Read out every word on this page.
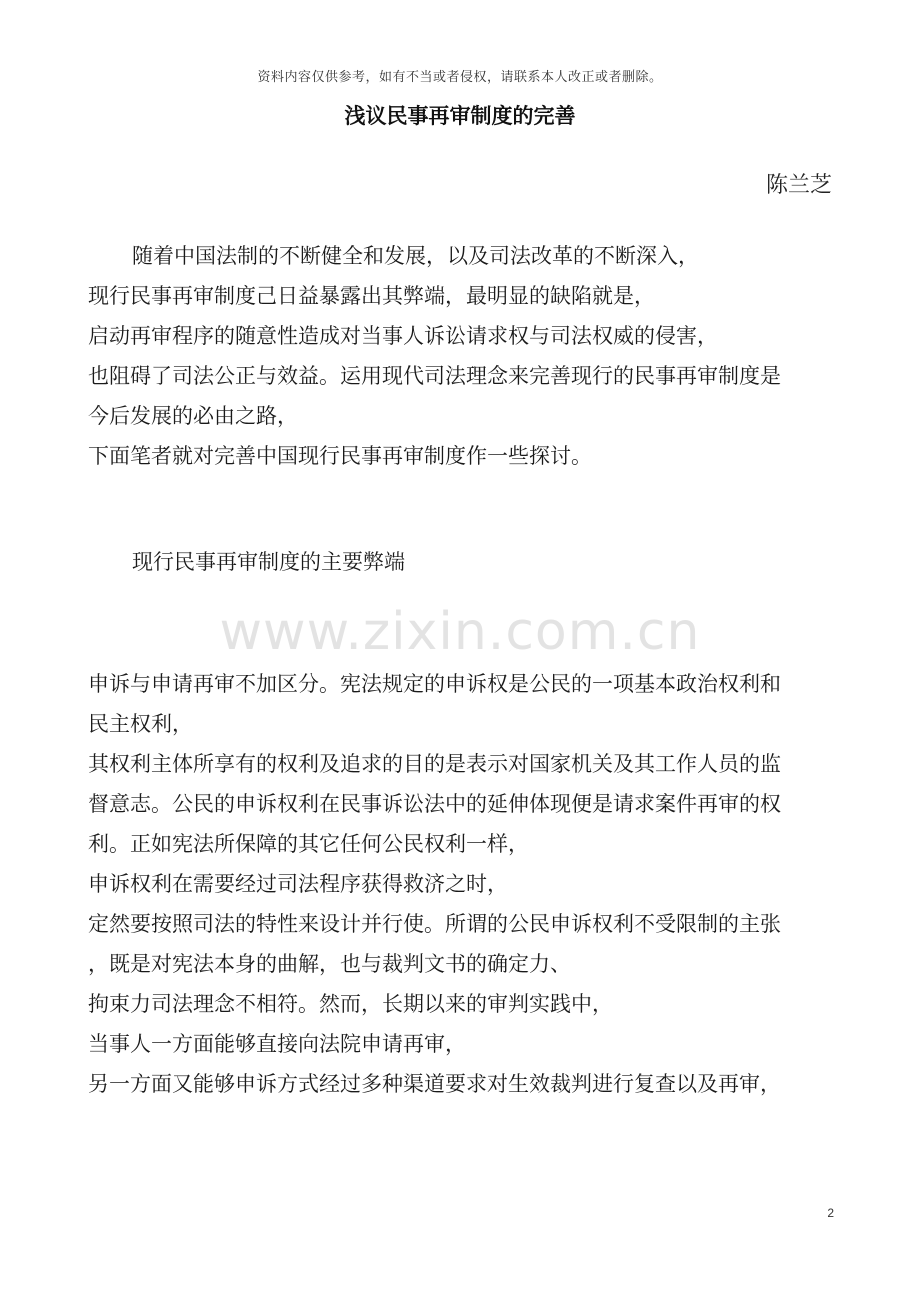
资料内容仅供参考，如有不当或者侵权，请联系本人改正或者删除。
浅议民事再审制度的完善
陈兰芝
随着中国法制的不断健全和发展，以及司法改革的不断深入，
现行民事再审制度己日益暴露出其弊端，最明显的缺陷就是，
启动再审程序的随意性造成对当事人诉讼请求权与司法权威的侵害，
也阻碍了司法公正与效益。运用现代司法理念来完善现行的民事再审制度是
今后发展的必由之路，
下面笔者就对完善中国现行民事再审制度作一些探讨。
现行民事再审制度的主要弊端
www.zixin.com.cn
申诉与申请再审不加区分。宪法规定的申诉权是公民的一项基本政治权利和
民主权利，
其权利主体所享有的权利及追求的目的是表示对国家机关及其工作人员的监
督意志。公民的申诉权利在民事诉讼法中的延伸体现便是请求案件再审的权
利。正如宪法所保障的其它任何公民权利一样，
申诉权利在需要经过司法程序获得救济之时，
定然要按照司法的特性来设计并行使。所谓的公民申诉权利不受限制的主张
，既是对宪法本身的曲解，也与裁判文书的确定力、
拘束力司法理念不相符。然而，长期以来的审判实践中，
当事人一方面能够直接向法院申请再审，
另一方面又能够申诉方式经过多种渠道要求对生效裁判进行复查以及再审，
2
